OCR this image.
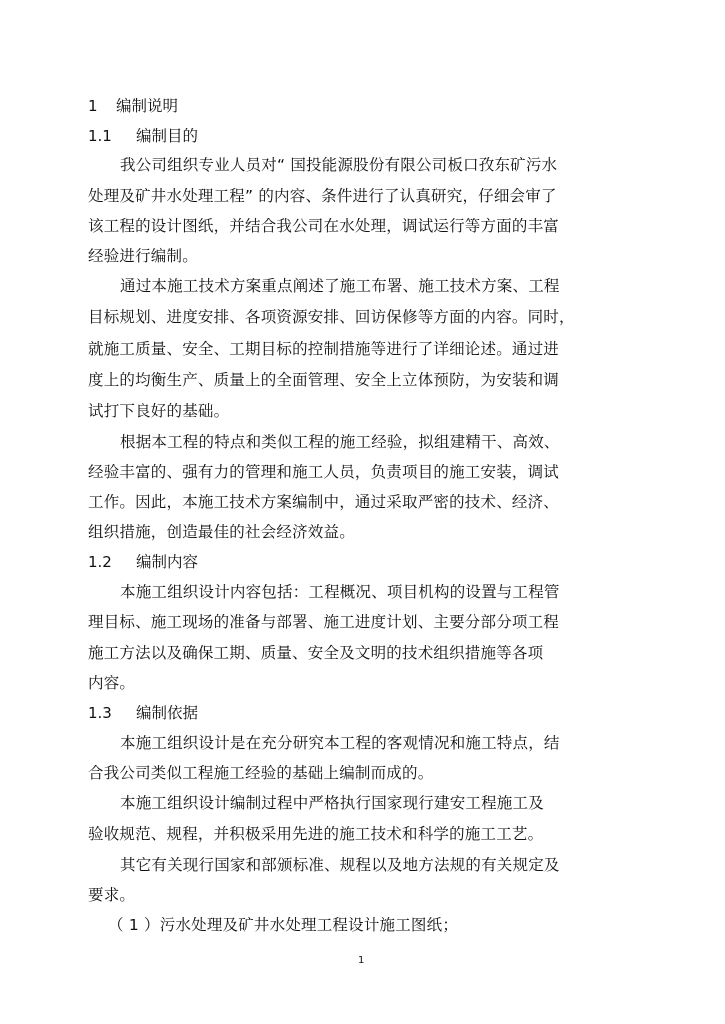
1 编制说明
1.1 编制目的
我公司组织专业人员对“ 国投能源股份有限公司板口孜东矿污水
处理及矿井水处理工程” 的内容、条件进行了认真研究，仔细会审了
该工程的设计图纸，并结合我公司在水处理，调试运行等方面的丰富
经验进行编制。
通过本施工技术方案重点阐述了施工布署、施工技术方案、工程
目标规划、进度安排、各项资源安排、回访保修等方面的内容。同时，
就施工质量、安全、工期目标的控制措施等进行了详细论述。通过进
度上的均衡生产、质量上的全面管理、安全上立体预防，为安装和调
试打下良好的基础。
根据本工程的特点和类似工程的施工经验，拟组建精干、高效、
经验丰富的、强有力的管理和施工人员，负责项目的施工安装，调试
工作。因此，本施工技术方案编制中，通过采取严密的技术、经济、
组织措施，创造最佳的社会经济效益。
1.2 编制内容
本施工组织设计内容包括：工程概况、项目机构的设置与工程管
理目标、施工现场的准备与部署、施工进度计划、主要分部分项工程
施工方法以及确保工期、质量、安全及文明的技术组织措施等各项
内容。
1.3 编制依据
本施工组织设计是在充分研究本工程的客观情况和施工特点，结
合我公司类似工程施工经验的基础上编制而成的。
本施工组织设计编制过程中严格执行国家现行建安工程施工及
验收规范、规程，并积极采用先进的施工技术和科学的施工工艺。
其它有关现行国家和部颁标准、规程以及地方法规的有关规定及
要求。
（ 1 ）污水处理及矿井水处理工程设计施工图纸；
1
